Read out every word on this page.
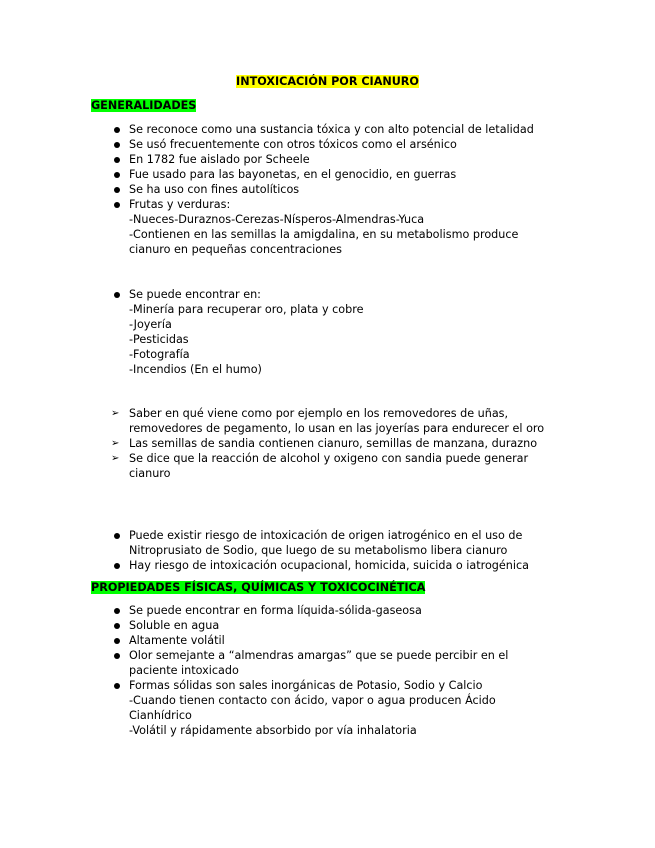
INTOXICACIÓN POR CIANURO
GENERALIDADES
Se reconoce como una sustancia tóxica y con alto potencial de letalidad
Se usó frecuentemente con otros tóxicos como el arsénico
En 1782 fue aislado por Scheele
Fue usado para las bayonetas, en el genocidio, en guerras
Se ha uso con fines autolíticos
Frutas y verduras:
-Nueces-Duraznos-Cerezas-Nísperos-Almendras-Yuca
-Contienen en las semillas la amigdalina, en su metabolismo produce cianuro en pequeñas concentraciones
Se puede encontrar en:
-Minería para recuperar oro, plata y cobre
-Joyería
-Pesticidas
-Fotografía
-Incendios (En el humo)
➢ Saber en qué viene como por ejemplo en los removedores de uñas, removedores de pegamento, lo usan en las joyerías para endurecer el oro
➢ Las semillas de sandia contienen cianuro, semillas de manzana, durazno
➢ Se dice que la reacción de alcohol y oxigeno con sandia puede generar cianuro
Puede existir riesgo de intoxicación de origen iatrogénico en el uso de Nitroprusiato de Sodio, que luego de su metabolismo libera cianuro
Hay riesgo de intoxicación ocupacional, homicida, suicida o iatrogénica
PROPIEDADES FÍSICAS, QUÍMICAS Y TOXICOCINÉTICA
Se puede encontrar en forma líquida-sólida-gaseosa
Soluble en agua
Altamente volátil
Olor semejante a “almendras amargas” que se puede percibir en el paciente intoxicado
Formas sólidas son sales inorgánicas de Potasio, Sodio y Calcio
-Cuando tienen contacto con ácido, vapor o agua producen Ácido Cianhídrico
-Volátil y rápidamente absorbido por vía inhalatoria
